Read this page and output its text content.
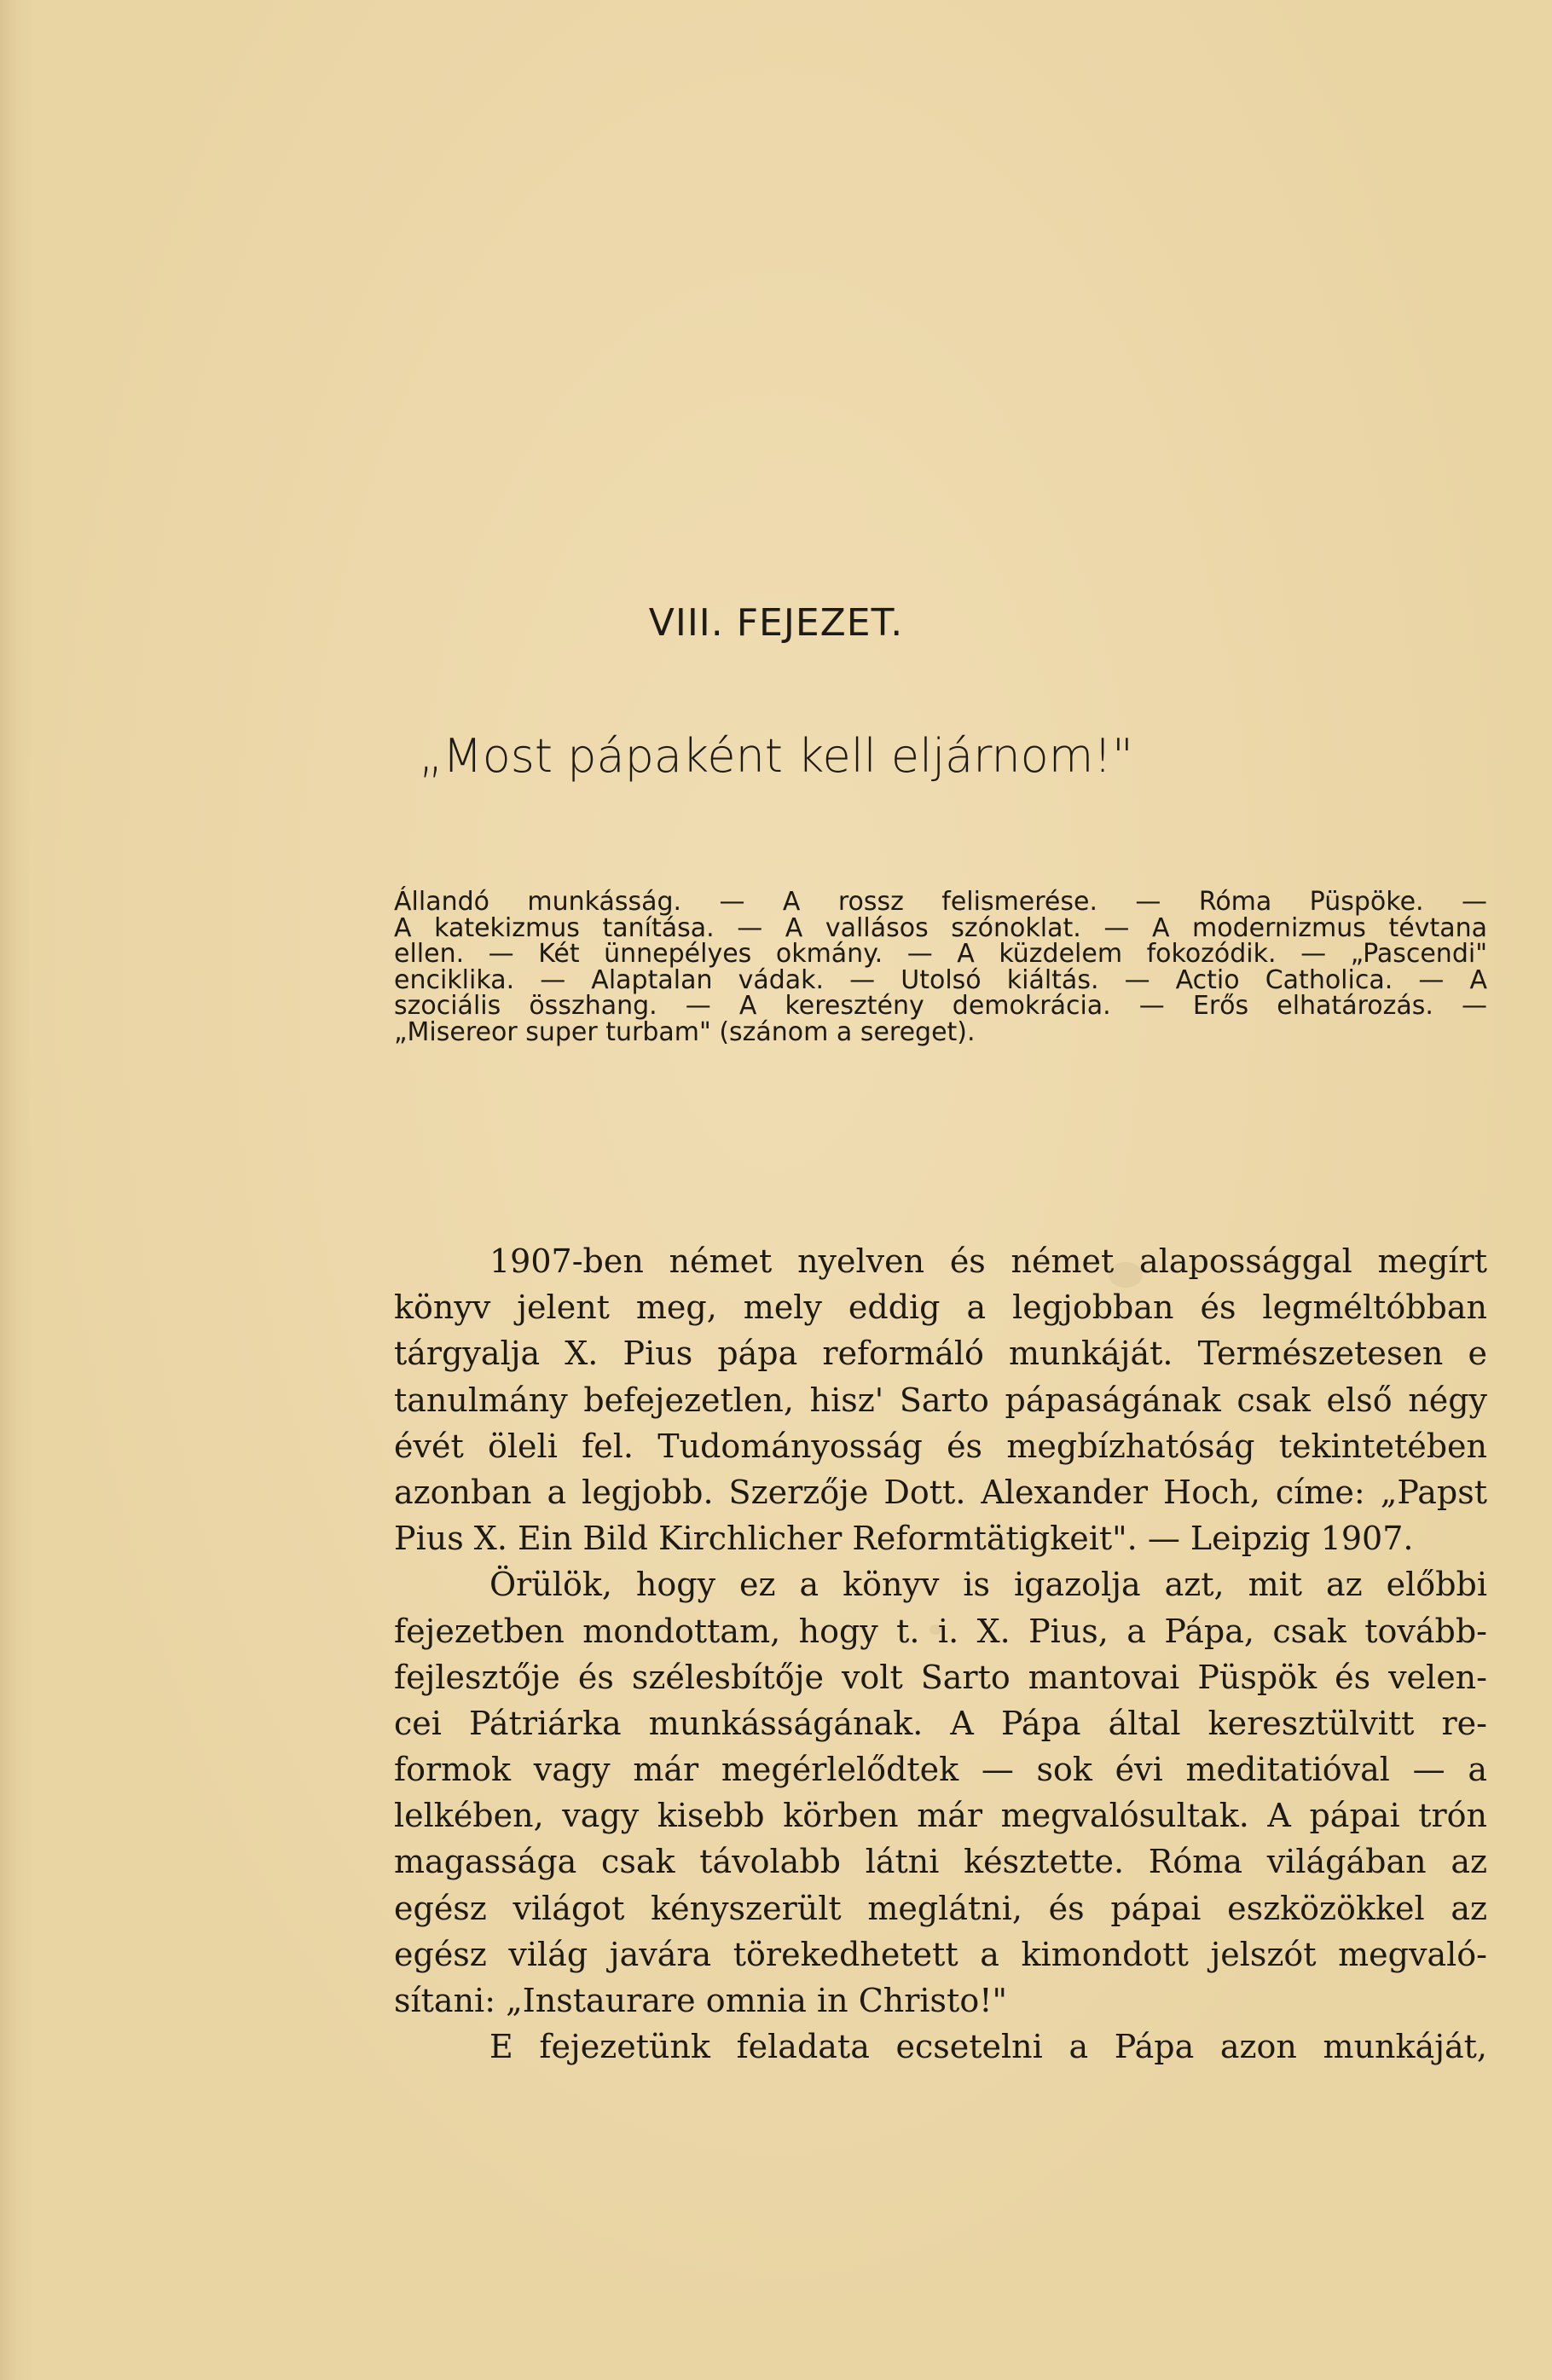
VIII. FEJEZET.
„Most pápaként kell eljárnom!"
Állandó munkásság. — A rossz felismerése. — Róma Püspöke. —
A katekizmus tanítása. — A vallásos szónoklat. — A modernizmus tévtana
ellen. — Két ünnepélyes okmány. — A küzdelem fokozódik. — „Pascendi"
enciklika. — Alaptalan vádak. — Utolsó kiáltás. — Actio Catholica. — A
szociális összhang. — A keresztény demokrácia. — Erős elhatározás. —
„Misereor super turbam" (szánom a sereget).
1907-ben német nyelven és német alapossággal megírt
könyv jelent meg, mely eddig a legjobban és legméltóbban
tárgyalja X. Pius pápa reformáló munkáját. Természetesen e
tanulmány befejezetlen, hisz' Sarto pápaságának csak első négy
évét öleli fel. Tudományosság és megbízhatóság tekintetében
azonban a legjobb. Szerzője Dott. Alexander Hoch, címe: „Papst
Pius X. Ein Bild Kirchlicher Reformtätigkeit". — Leipzig 1907.
Örülök, hogy ez a könyv is igazolja azt, mit az előbbi
fejezetben mondottam, hogy t. i. X. Pius, a Pápa, csak tovább-
fejlesztője és szélesbítője volt Sarto mantovai Püspök és velen-
cei Pátriárka munkásságának. A Pápa által keresztülvitt re-
formok vagy már megérlelődtek — sok évi meditatióval — a
lelkében, vagy kisebb körben már megvalósultak. A pápai trón
magassága csak távolabb látni késztette. Róma világában az
egész világot kényszerült meglátni, és pápai eszközökkel az
egész világ javára törekedhetett a kimondott jelszót megvaló-
sítani: „Instaurare omnia in Christo!"
E fejezetünk feladata ecsetelni a Pápa azon munkáját,
